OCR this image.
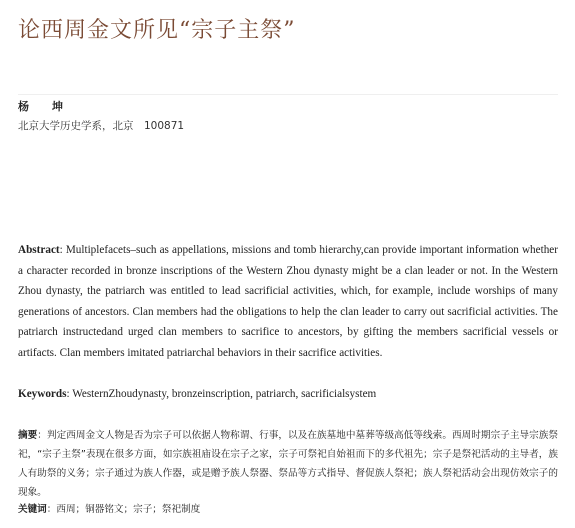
论西周金文所见“宗子主祭”
杨　坤
北京大学历史学系，北京　100871

Abstract: Multiplefacets–such as appellations, missions and tomb hierarchy,can provide important information whether a character recorded in bronze inscriptions of the Western Zhou dynasty might be a clan leader or not. In the Western Zhou dynasty, the patriarch was entitled to lead sacrificial activities, which, for example, include worships of many generations of ancestors. Clan members had the obligations to help the clan leader to carry out sacrificial activities. The patriarch instructedand urged clan members to sacrifice to ancestors, by gifting the members sacrificial vessels or artifacts. Clan members imitated patriarchal behaviors in their sacrifice activities.

Keywords: WesternZhoudynasty, bronzeinscription, patriarch, sacrificialsystem

摘要：判定西周金文人物是否为宗子可以依据人物称谓、行事，以及在族墓地中墓葬等级高低等线索。西周时期宗子主导宗族祭祀，“宗子主祭”表现在很多方面，如宗族祖庙设在宗子之家，宗子可祭祀自始祖而下的多代祖先；宗子是祭祀活动的主导者，族人有助祭的义务；宗子通过为族人作器，或是赠予族人祭器、祭品等方式指导、督促族人祭祀；族人祭祀活动会出现仿效宗子的现象。

关键词：西周；铜器铭文；宗子；祭祀制度
